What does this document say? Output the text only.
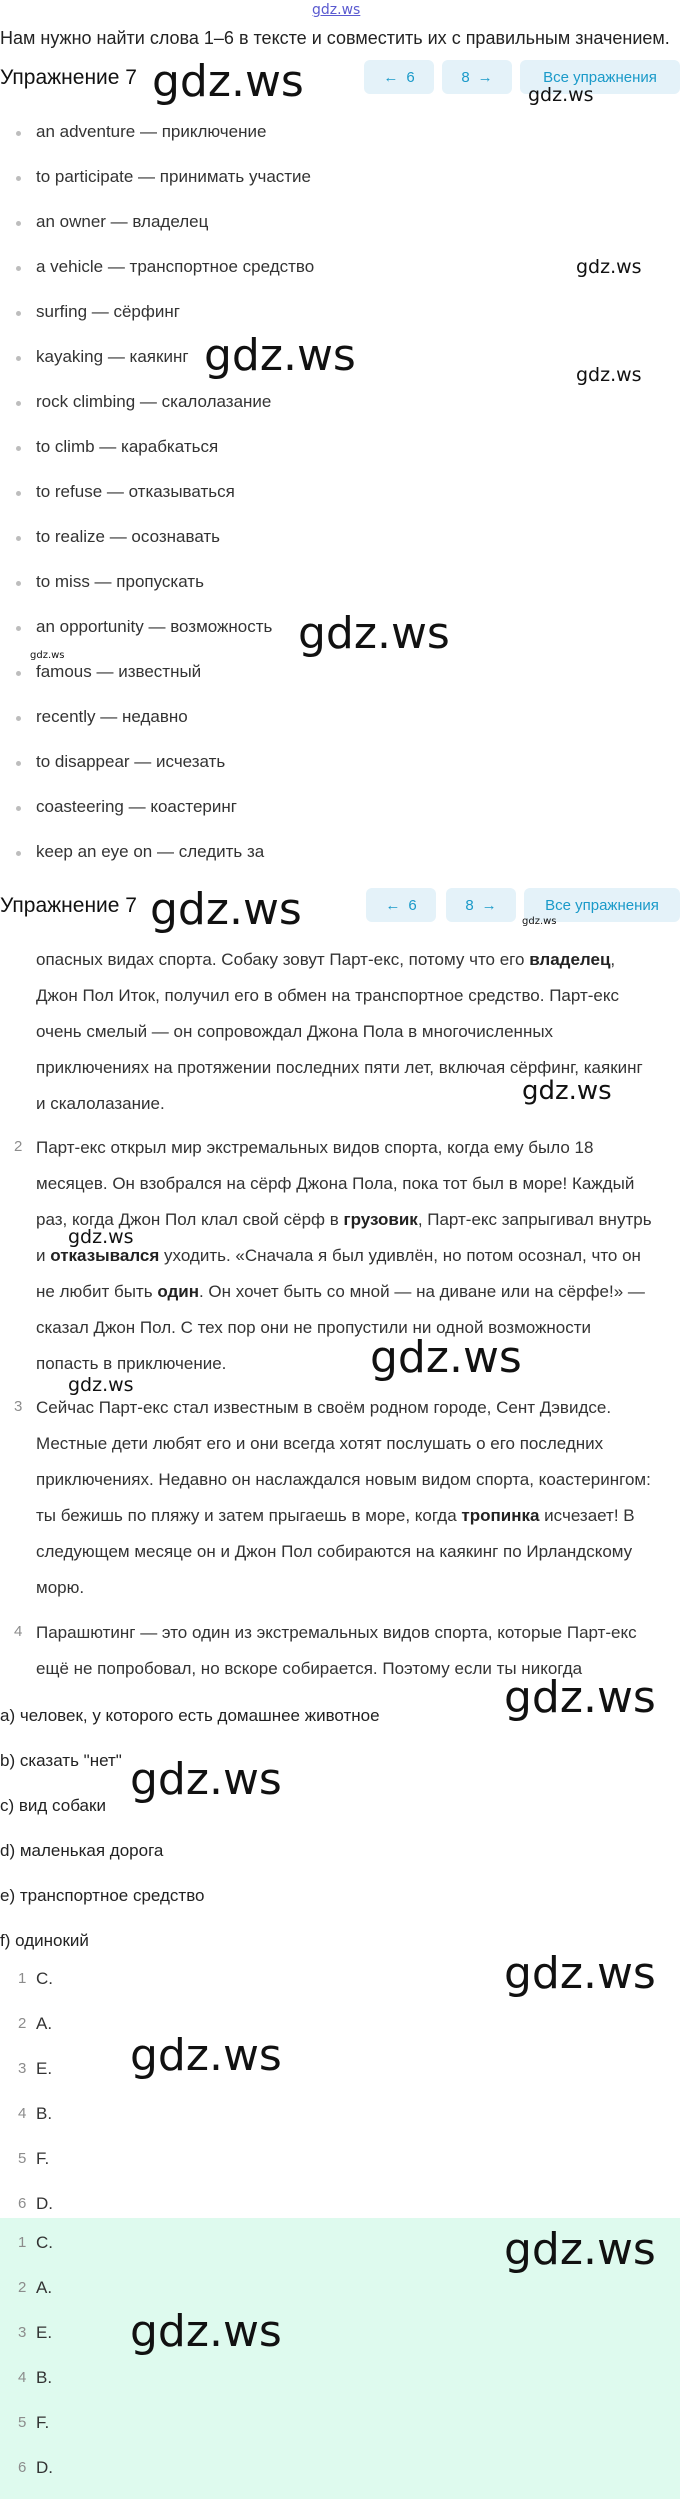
gdz.ws
Нам нужно найти слова 1–6 в тексте и совместить их с правильным значением.
Упражнение 7	← 6	8 →	Все упражнения
an adventure — приключение
to participate — принимать участие
an owner — владелец
a vehicle — транспортное средство
surfing — сёрфинг
kayaking — каякинг
rock climbing — скалолазание
to climb — карабкаться
to refuse — отказываться
to realize — осознавать
to miss — пропускать
an opportunity — возможность
famous — известный
recently — недавно
to disappear — исчезать
coasteering — коастеринг
keep an eye on — следить за
Упражнение 7	← 6	8 →	Все упражнения
опасных видах спорта. Собаку зовут Парт-екс, потому что его владелец, Джон Пол Иток, получил его в обмен на транспортное средство. Парт-екс очень смелый — он сопровождал Джона Пола в многочисленных приключениях на протяжении последних пяти лет, включая сёрфинг, каякинг и скалолазание.
2 Парт-екс открыл мир экстремальных видов спорта, когда ему было 18 месяцев. Он взобрался на сёрф Джона Пола, пока тот был в море! Каждый раз, когда Джон Пол клал свой сёрф в грузовик, Парт-екс запрыгивал внутрь и отказывался уходить. «Сначала я был удивлён, но потом осознал, что он не любит быть один. Он хочет быть со мной — на диване или на сёрфе!» — сказал Джон Пол. С тех пор они не пропустили ни одной возможности попасть в приключение.
3 Сейчас Парт-екс стал известным в своём родном городе, Сент Дэвидсе. Местные дети любят его и они всегда хотят послушать о его последних приключениях. Недавно он наслаждался новым видом спорта, коастерингом: ты бежишь по пляжу и затем прыгаешь в море, когда тропинка исчезает! В следующем месяце он и Джон Пол собираются на каякинг по Ирландскому морю.
4 Парашютинг — это один из экстремальных видов спорта, которые Парт-екс ещё не попробовал, но вскоре собирается. Поэтому если ты никогда
a) человек, у которого есть домашнее животное
b) сказать "нет"
c) вид собаки
d) маленькая дорога
e) транспортное средство
f) одинокий
1 C.
2 A.
3 E.
4 B.
5 F.
6 D.
1 C.
2 A.
3 E.
4 B.
5 F.
6 D.
gdz.ws	gdz.ws
gdz.ws
gdz.ws	gdz.ws
gdz.ws
gdz.ws
gdz.ws	gdz.ws
gdz.ws
gdz.ws
gdz.ws
gdz.ws
gdz.ws
gdz.ws
gdz.ws
gdz.ws
gdz.ws
gdz.ws
